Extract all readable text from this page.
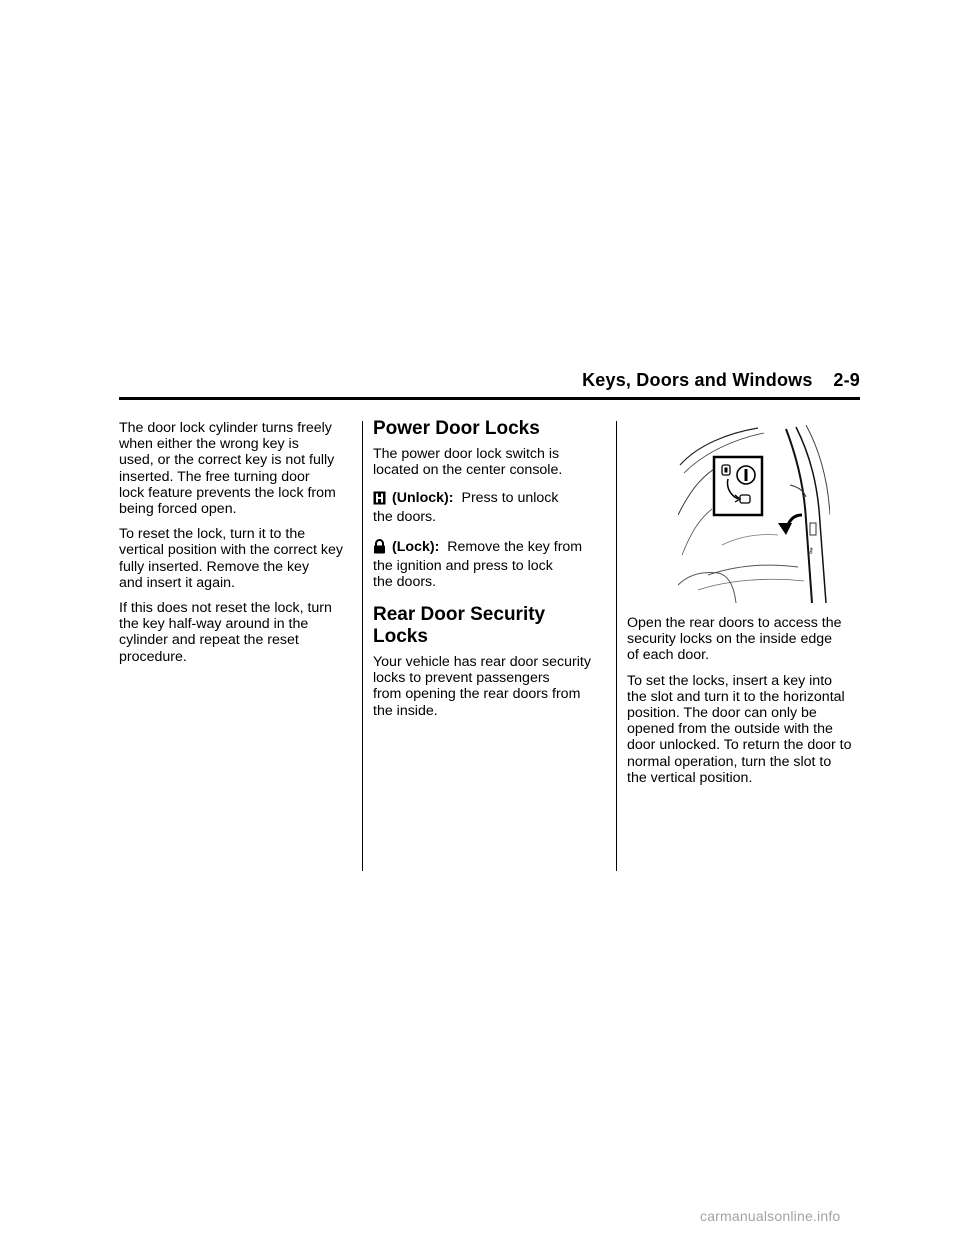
Keys, Doors and Windows 2-9

The door lock cylinder turns freely
when either the wrong key is
used, or the correct key is not fully
inserted. The free turning door
lock feature prevents the lock from
being forced open.

To reset the lock, turn it to the
vertical position with the correct key
fully inserted. Remove the key
and insert it again.

If this does not reset the lock, turn
the key half-way around in the
cylinder and repeat the reset
procedure.

Power Door Locks

The power door lock switch is
located on the center console.

(Unlock): Press to unlock
the doors.
(Lock): Remove the key from
the ignition and press to lock
the doors.
Rear Door Security
Locks

Your vehicle has rear door security
locks to prevent passengers
from opening the rear doors from
the inside.

⚷

Open the rear doors to access the
security locks on the inside edge
of each door.

To set the locks, insert a key into
the slot and turn it to the horizontal
position. The door can only be
opened from the outside with the
door unlocked. To return the door to
normal operation, turn the slot to
the vertical position.

carmanualsonline.info
